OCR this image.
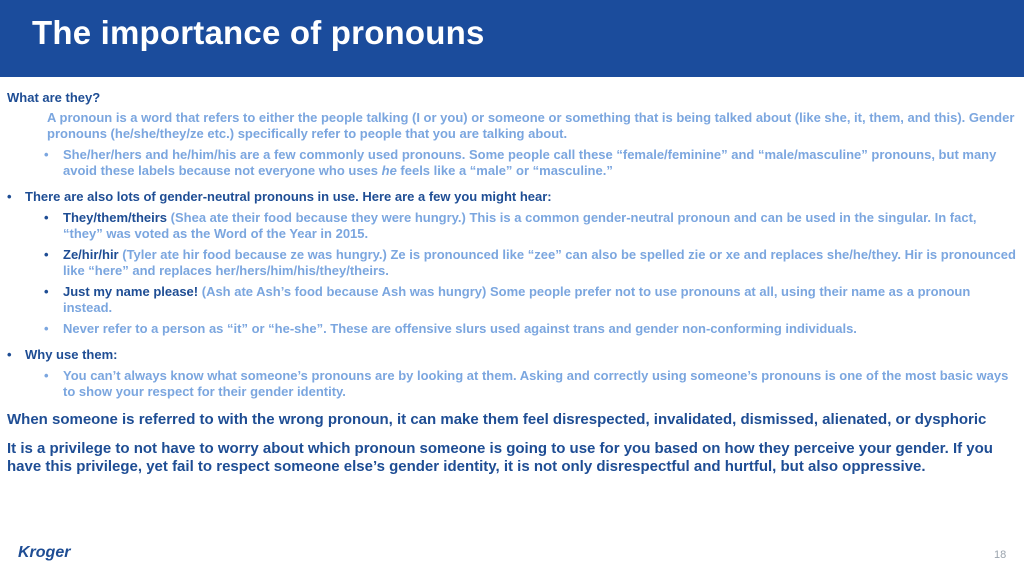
The importance of pronouns
What are they?
A pronoun is a word that refers to either the people talking (I or you) or someone or something that is being talked about (like she, it, them, and this). Gender pronouns (he/she/they/ze etc.) specifically refer to people that you are talking about.
• She/her/hers and he/him/his are a few commonly used pronouns. Some people call these “female/feminine” and “male/masculine” pronouns, but many avoid these labels because not everyone who uses he feels like a “male” or “masculine.”
• There are also lots of gender-neutral pronouns in use. Here are a few you might hear:
• They/them/theirs (Shea ate their food because they were hungry.) This is a common gender-neutral pronoun and can be used in the singular. In fact, “they” was voted as the Word of the Year in 2015.
• Ze/hir/hir (Tyler ate hir food because ze was hungry.) Ze is pronounced like “zee” can also be spelled zie or xe and replaces she/he/they. Hir is pronounced like “here” and replaces her/hers/him/his/they/theirs.
• Just my name please! (Ash ate Ash’s food because Ash was hungry) Some people prefer not to use pronouns at all, using their name as a pronoun instead.
• Never refer to a person as “it” or “he-she”. These are offensive slurs used against trans and gender non-conforming individuals.
• Why use them:
• You can’t always know what someone’s pronouns are by looking at them. Asking and correctly using someone’s pronouns is one of the most basic ways to show your respect for their gender identity.
When someone is referred to with the wrong pronoun, it can make them feel disrespected, invalidated, dismissed, alienated, or dysphoric
It is a privilege to not have to worry about which pronoun someone is going to use for you based on how they perceive your gender. If you have this privilege, yet fail to respect someone else’s gender identity, it is not only disrespectful and hurtful, but also oppressive.
Kroger	18
